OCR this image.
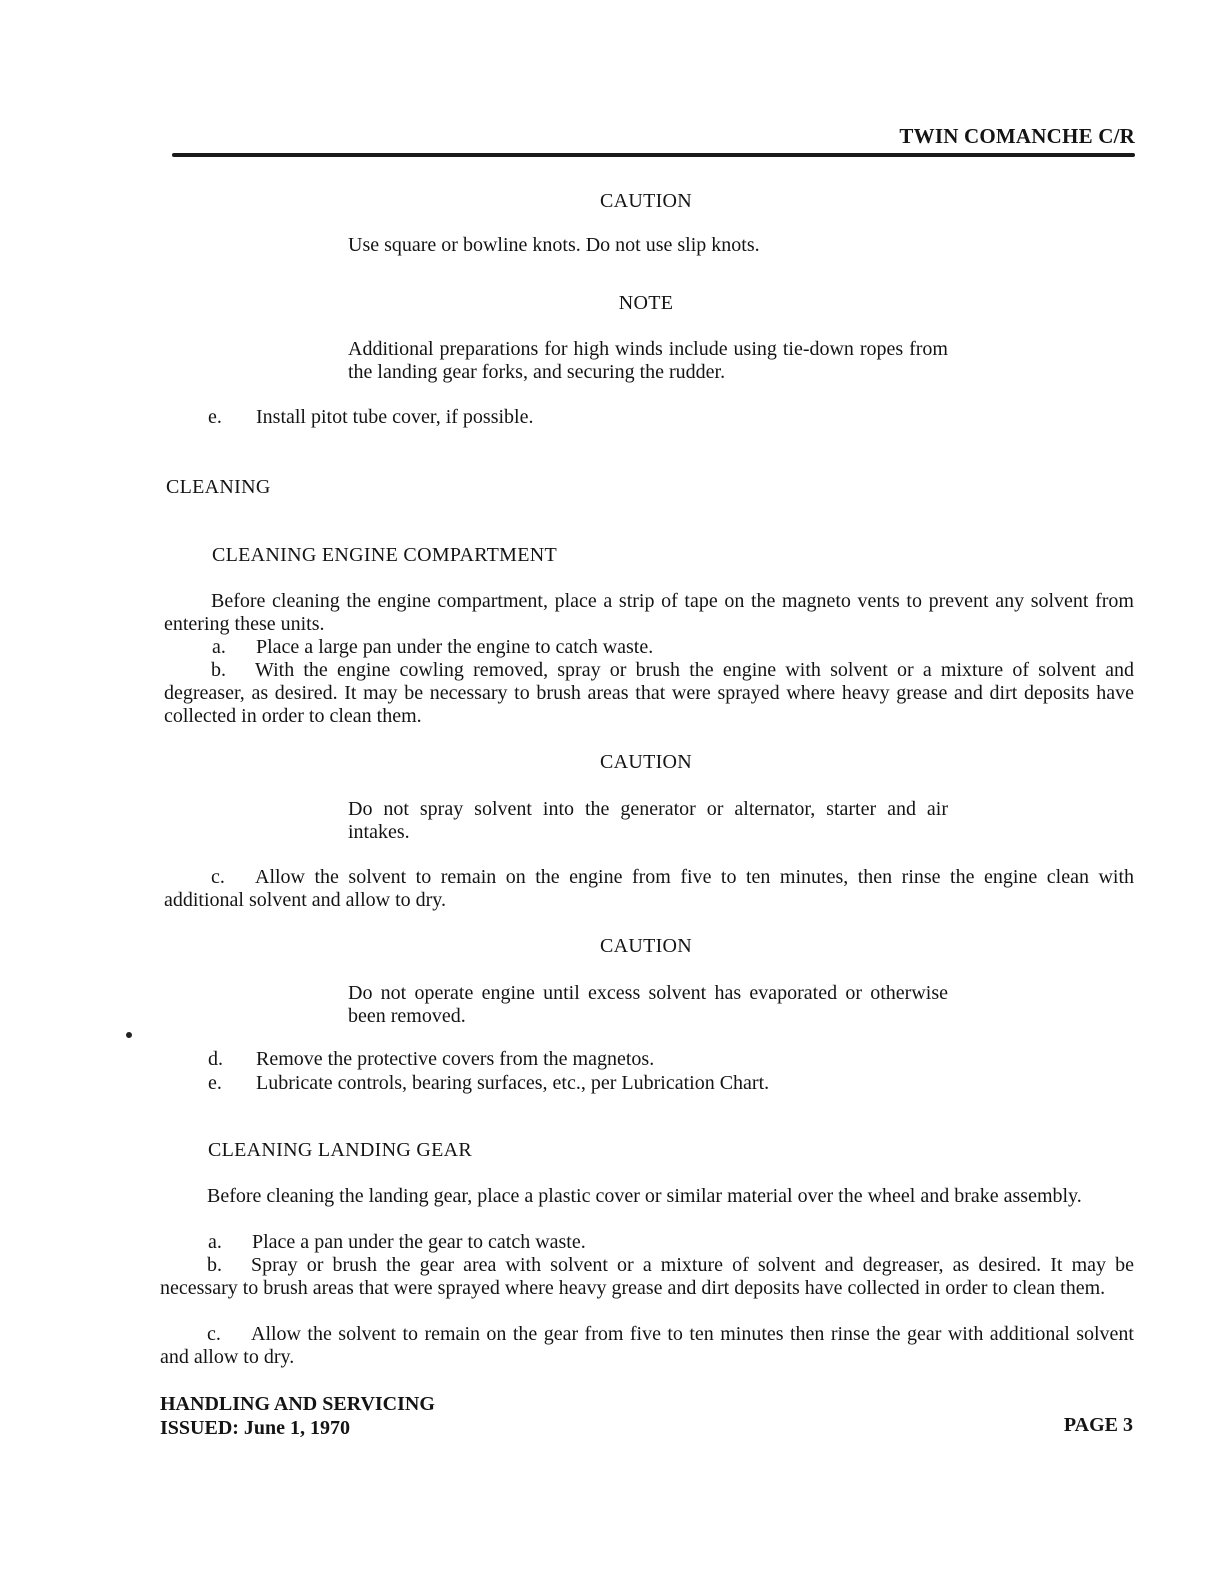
TWIN COMANCHE C/R
CAUTION
Use square or bowline knots. Do not use slip knots.
NOTE
Additional preparations for high winds include using tie-down ropes from the landing gear forks, and securing the rudder.
e. Install pitot tube cover, if possible.
CLEANING
CLEANING ENGINE COMPARTMENT
Before cleaning the engine compartment, place a strip of tape on the magneto vents to prevent any solvent from entering these units.
a. Place a large pan under the engine to catch waste.
b. With the engine cowling removed, spray or brush the engine with solvent or a mixture of solvent and degreaser, as desired. It may be necessary to brush areas that were sprayed where heavy grease and dirt deposits have collected in order to clean them.
CAUTION
Do not spray solvent into the generator or alternator, starter and air intakes.
c. Allow the solvent to remain on the engine from five to ten minutes, then rinse the engine clean with additional solvent and allow to dry.
CAUTION
Do not operate engine until excess solvent has evaporated or otherwise been removed.
d. Remove the protective covers from the magnetos.
e. Lubricate controls, bearing surfaces, etc., per Lubrication Chart.
CLEANING LANDING GEAR
Before cleaning the landing gear, place a plastic cover or similar material over the wheel and brake assembly.
a. Place a pan under the gear to catch waste.
b. Spray or brush the gear area with solvent or a mixture of solvent and degreaser, as desired. It may be necessary to brush areas that were sprayed where heavy grease and dirt deposits have collected in order to clean them.
c. Allow the solvent to remain on the gear from five to ten minutes then rinse the gear with additional solvent and allow to dry.
HANDLING AND SERVICING
ISSUED: June 1, 1970	PAGE 3
